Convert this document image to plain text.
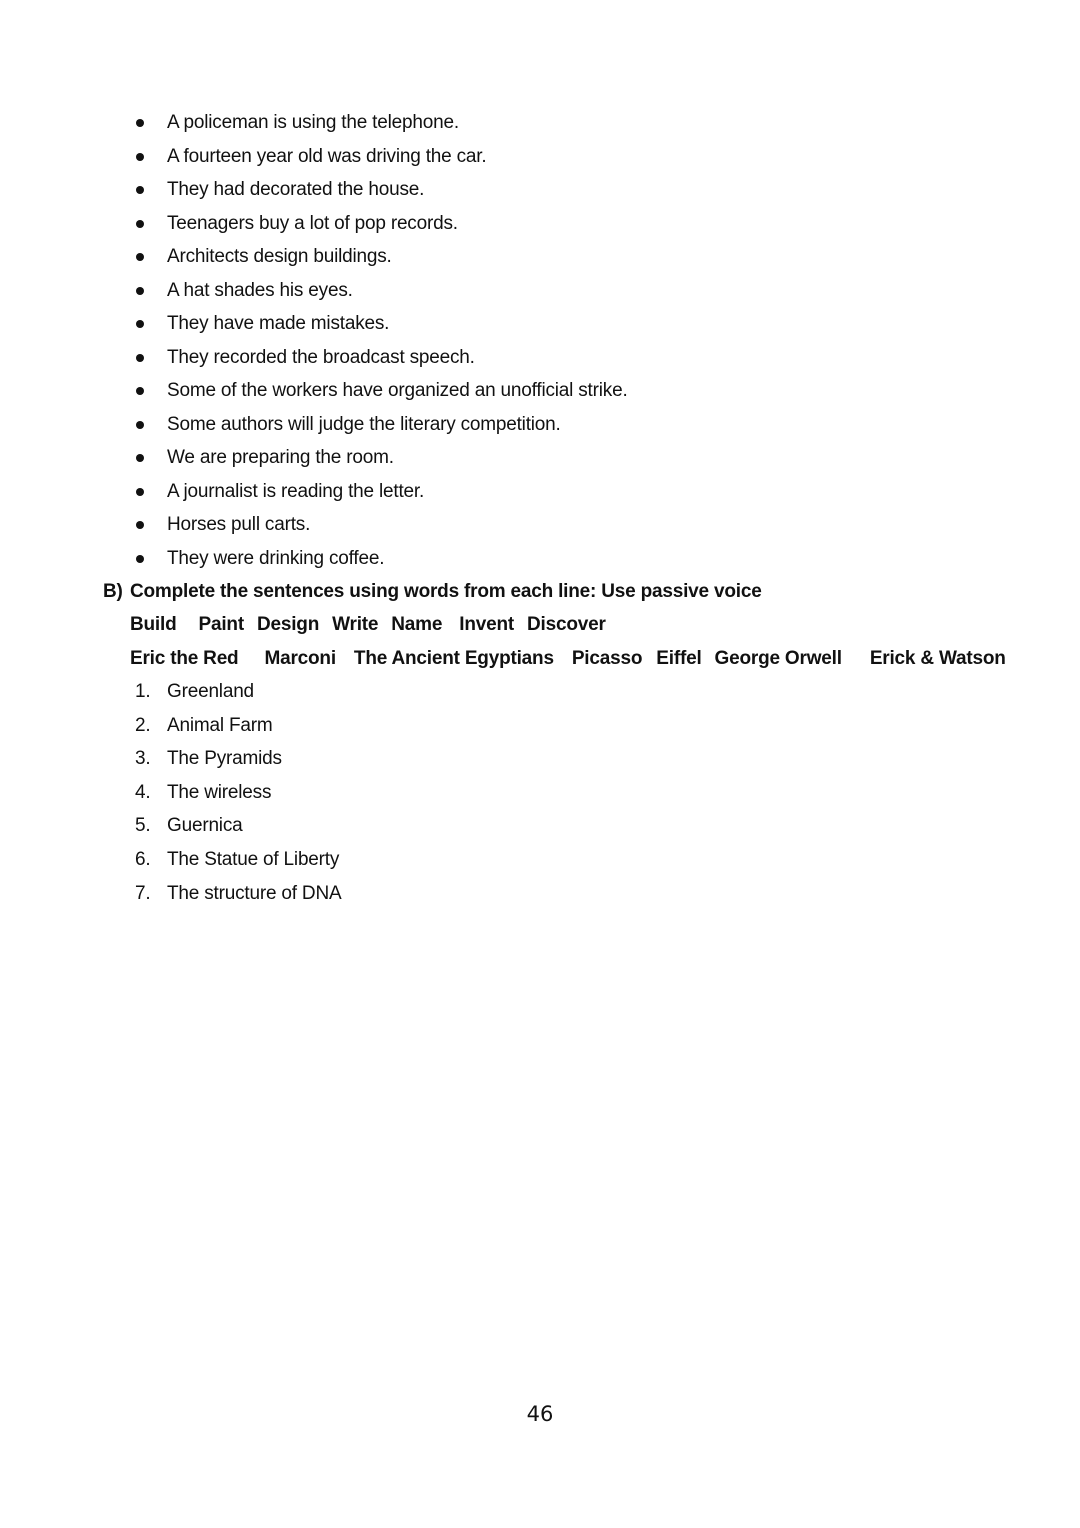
A policeman is using the telephone.
A fourteen year old was driving the car.
They had decorated the house.
Teenagers buy a lot of pop records.
Architects design buildings.
A hat shades his eyes.
They have made mistakes.
They recorded the broadcast speech.
Some of the workers have organized an unofficial strike.
Some authors will judge the literary competition.
We are preparing the room.
A journalist is reading the letter.
Horses pull carts.
They were drinking coffee.
B) Complete the sentences using words from each line: Use passive voice
Build Paint Design Write Name Invent Discover
Eric the Red Marconi The Ancient Egyptians Picasso Eiffel George Orwell Erick & Watson
1. Greenland
2. Animal Farm
3. The Pyramids
4. The wireless
5. Guernica
6. The Statue of Liberty
7. The structure of DNA
46
